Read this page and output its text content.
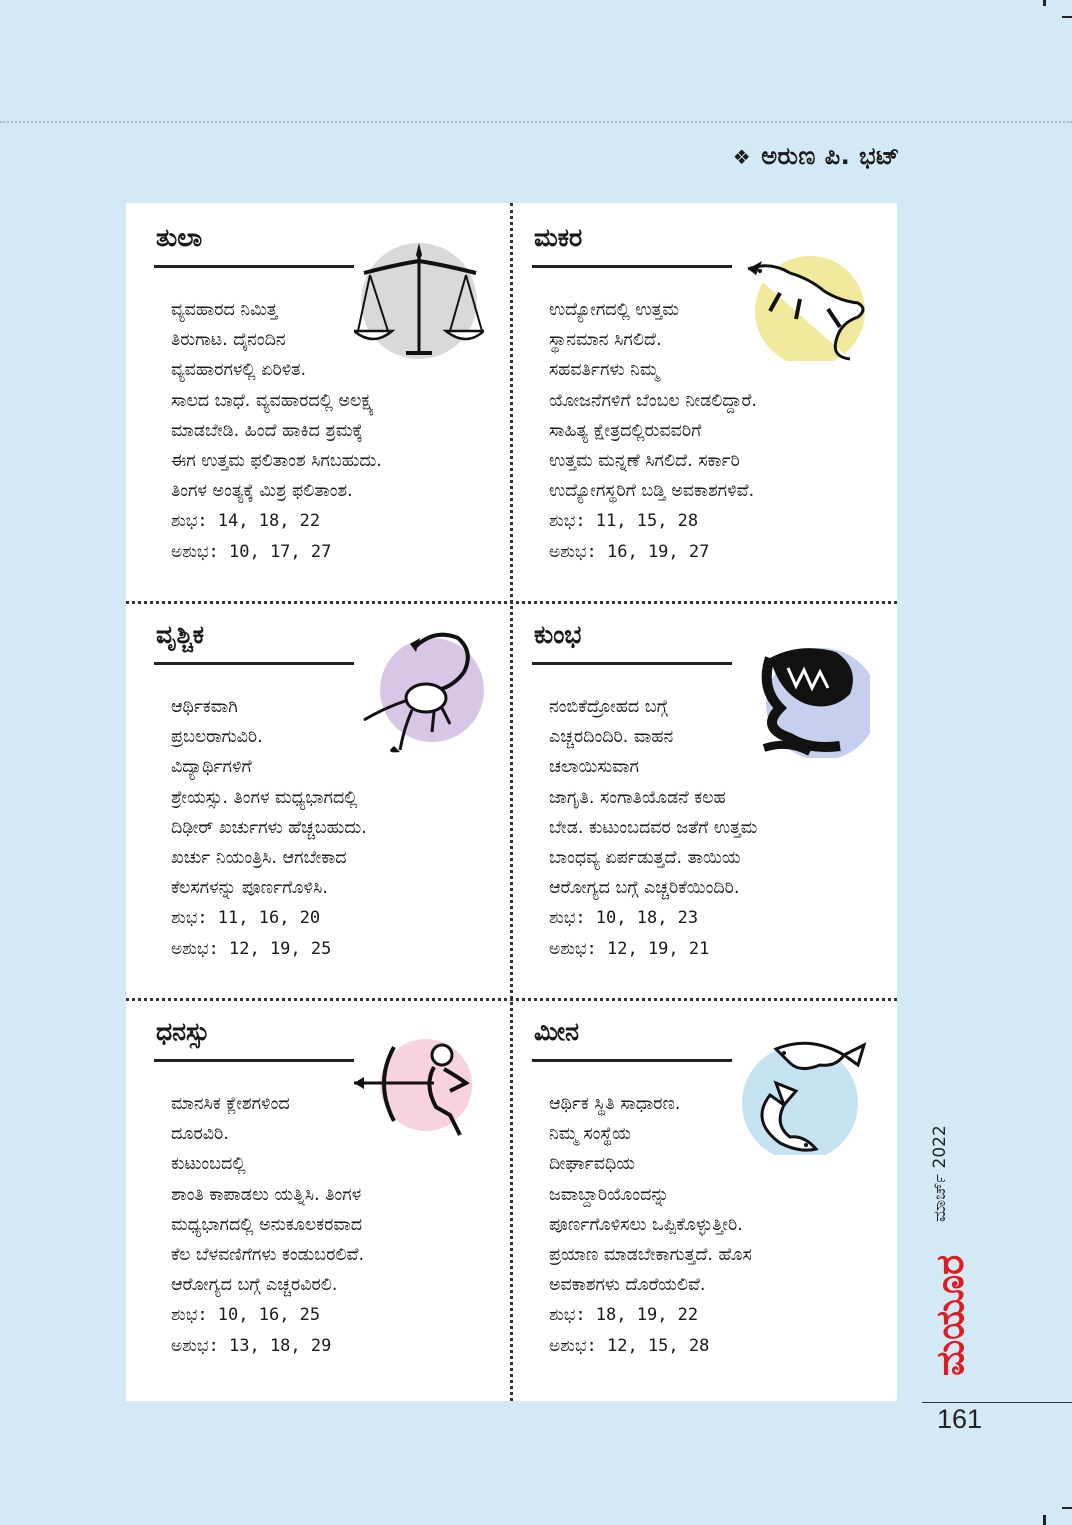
❖ ಅರುಣ ಪಿ. ಭಟ್
ತುಲಾ
ವ್ಯವಹಾರದ ನಿಮಿತ್ತ
ತಿರುಗಾಟ. ದೈನಂದಿನ
ವ್ಯವಹಾರಗಳಲ್ಲಿ ಏರಿಳಿತ.
ಸಾಲದ ಬಾಧೆ. ವ್ಯವಹಾರದಲ್ಲಿ ಅಲಕ್ಷ್ಯ
ಮಾಡಬೇಡಿ. ಹಿಂದೆ ಹಾಕಿದ ಶ್ರಮಕ್ಕೆ
ಈಗ ಉತ್ತಮ ಫಲಿತಾಂಶ ಸಿಗಬಹುದು.
ತಿಂಗಳ ಅಂತ್ಯಕ್ಕೆ ಮಿಶ್ರ ಫಲಿತಾಂಶ.
ಶುಭ: 14, 18, 22
ಅಶುಭ: 10, 17, 27
ಮಕರ
ಉದ್ಯೋಗದಲ್ಲಿ ಉತ್ತಮ
ಸ್ಥಾನಮಾನ ಸಿಗಲಿದೆ.
ಸಹವರ್ತಿಗಳು ನಿಮ್ಮ
ಯೋಜನೆಗಳಿಗೆ ಬೆಂಬಲ ನೀಡಲಿದ್ದಾರೆ.
ಸಾಹಿತ್ಯ ಕ್ಷೇತ್ರದಲ್ಲಿರುವವರಿಗೆ
ಉತ್ತಮ ಮನ್ನಣೆ ಸಿಗಲಿದೆ. ಸರ್ಕಾರಿ
ಉದ್ಯೋಗಸ್ಥರಿಗೆ ಬಡ್ತಿ ಅವಕಾಶಗಳಿವೆ.
ಶುಭ: 11, 15, 28
ಅಶುಭ: 16, 19, 27
ವೃಶ್ಚಿಕ
ಆರ್ಥಿಕವಾಗಿ
ಪ್ರಬಲರಾಗುವಿರಿ.
ವಿದ್ಯಾರ್ಥಿಗಳಿಗೆ
ಶ್ರೇಯಸ್ಸು. ತಿಂಗಳ ಮಧ್ಯಭಾಗದಲ್ಲಿ
ದಿಢೀರ್ ಖರ್ಚುಗಳು ಹೆಚ್ಚಬಹುದು.
ಖರ್ಚು ನಿಯಂತ್ರಿಸಿ. ಆಗಬೇಕಾದ
ಕೆಲಸಗಳನ್ನು ಪೂರ್ಣಗೊಳಿಸಿ.
ಶುಭ: 11, 16, 20
ಅಶುಭ: 12, 19, 25
ಕುಂಭ
ನಂಬಿಕೆದ್ರೋಹದ ಬಗ್ಗೆ
ಎಚ್ಚರದಿಂದಿರಿ. ವಾಹನ
ಚಲಾಯಿಸುವಾಗ
ಜಾಗೃತಿ. ಸಂಗಾತಿಯೊಡನೆ ಕಲಹ
ಬೇಡ. ಕುಟುಂಬದವರ ಜತೆಗೆ ಉತ್ತಮ
ಬಾಂಧವ್ಯ ಏರ್ಪಡುತ್ತದೆ. ತಾಯಿಯ
ಆರೋಗ್ಯದ ಬಗ್ಗೆ ಎಚ್ಚರಿಕೆಯಿಂದಿರಿ.
ಶುಭ: 10, 18, 23
ಅಶುಭ: 12, 19, 21
ಧನಸ್ಸು
ಮಾನಸಿಕ ಕ್ಲೇಶಗಳಿಂದ
ದೂರವಿರಿ.
ಕುಟುಂಬದಲ್ಲಿ
ಶಾಂತಿ ಕಾಪಾಡಲು ಯತ್ನಿಸಿ. ತಿಂಗಳ
ಮಧ್ಯಭಾಗದಲ್ಲಿ ಅನುಕೂಲಕರವಾದ
ಕೆಲ ಬೆಳವಣಿಗೆಗಳು ಕಂಡುಬರಲಿವೆ.
ಆರೋಗ್ಯದ ಬಗ್ಗೆ ಎಚ್ಚರವಿರಲಿ.
ಶುಭ: 10, 16, 25
ಅಶುಭ: 13, 18, 29
ಮೀನ
ಆರ್ಥಿಕ ಸ್ಥಿತಿ ಸಾಧಾರಣ.
ನಿಮ್ಮ ಸಂಸ್ಥೆಯ
ದೀರ್ಘಾವಧಿಯ
ಜವಾಬ್ದಾರಿಯೊಂದನ್ನು
ಪೂರ್ಣಗೊಳಿಸಲು ಒಪ್ಪಿಕೊಳ್ಳುತ್ತೀರಿ.
ಪ್ರಯಾಣ ಮಾಡಬೇಕಾಗುತ್ತದೆ. ಹೊಸ
ಅವಕಾಶಗಳು ದೊರೆಯಲಿವೆ.
ಶುಭ: 18, 19, 22
ಅಶುಭ: 12, 15, 28
ಮಾರ್ಚ್ 2022
ಮಯೂರ
161
